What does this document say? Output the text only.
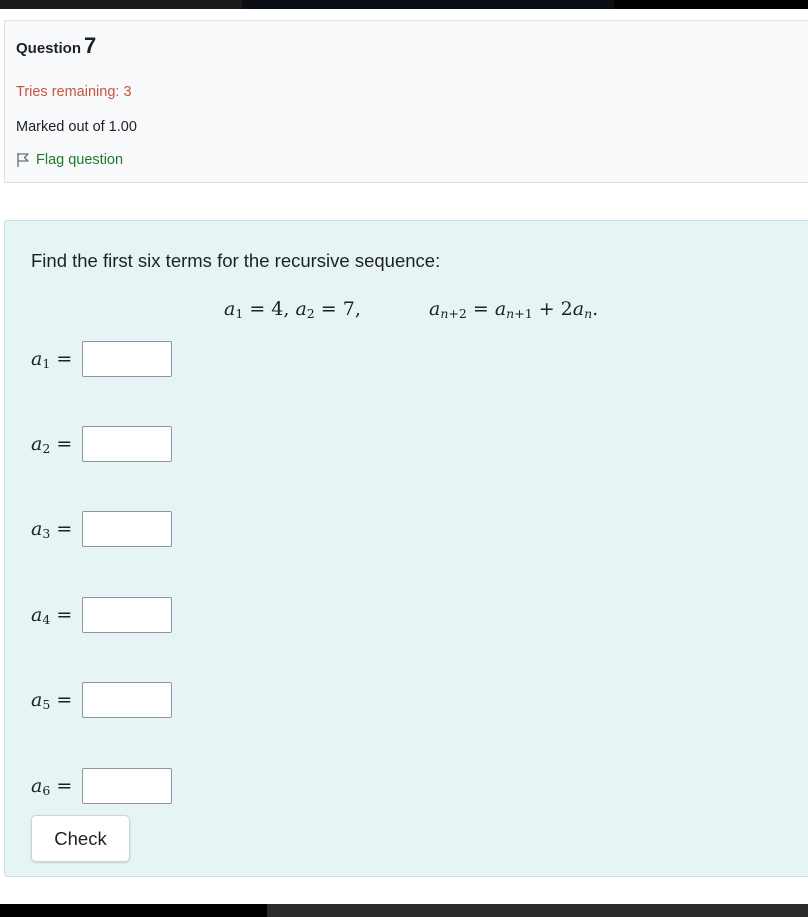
Question 7
Tries remaining: 3
Marked out of 1.00
Flag question
Find the first six terms for the recursive sequence:
$a_1 = 4$, $a_2 = 7$,	$a_{n+2} = a_{n+1} + 2a_n$.
$a_1$ =
$a_2$ =
$a_3$ =
$a_4$ =
$a_5$ =
$a_6$ =
Check
